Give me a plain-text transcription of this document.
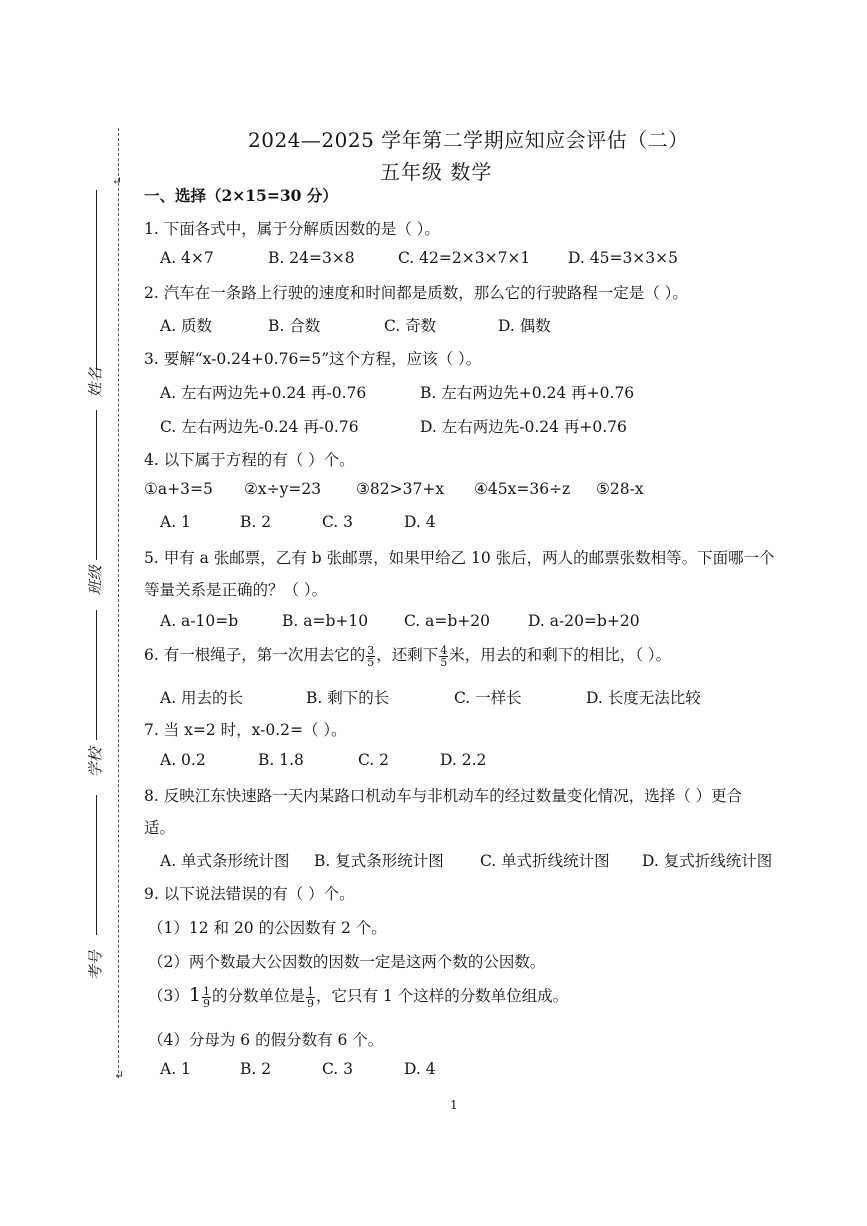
↵
↵
姓名
班级
学校
考号
2024—2025 学年第二学期应知应会评估（二）
五年级 数学
一、选择（2×15=30 分）
1. 下面各式中，属于分解质因数的是（ ）。
A. 4×7	B. 24=3×8	C. 42=2×3×7×1 D. 45=3×3×5
2. 汽车在一条路上行驶的速度和时间都是质数，那么它的行驶路程一定是（ ）。
A. 质数	B. 合数	C. 奇数	D. 偶数
3. 要解“x-0.24+0.76=5”这个方程，应该（ ）。
A. 左右两边先+0.24 再-0.76	B. 左右两边先+0.24 再+0.76
C. 左右两边先-0.24 再-0.76	D. 左右两边先-0.24 再+0.76
4. 以下属于方程的有（ ）个。
①a+3=5 ②x÷y=23 ③82>37+x ④45x=36÷z ⑤28-x
A. 1	B. 2	C. 3	D. 4
5. 甲有 a 张邮票，乙有 b 张邮票，如果甲给乙 10 张后，两人的邮票张数相等。下面哪一个
等量关系是正确的？（ ）。
A. a-10=b	B. a=b+10 C. a=b+20 D. a-20=b+20
6. 有一根绳子，第一次用去它的 $\frac{3}{5}$ ，还剩下 $\frac{4}{5}$ 米，用去的和剩下的相比，（ ）。
A. 用去的长	B. 剩下的长	C. 一样长	D. 长度无法比较
7. 当 x=2 时，x-0.2=（ ）。
A. 0.2	B. 1.8	C. 2	D. 2.2
8. 反映江东快速路一天内某路口机动车与非机动车的经过数量变化情况，选择（ ）更合
适。
A. 单式条形统计图 B. 复式条形统计图 C. 单式折线统计图 D. 复式折线统计图
9. 以下说法错误的有（ ）个。
（1）12 和 20 的公因数有 2 个。
（2）两个数最大公因数的因数一定是这两个数的公因数。
$(3)1 \frac{1}{9}$ 的分数单位是 $\frac{1}{9}$ ，它只有 1 个这样的分数单位组成。
（4）分母为 6 的假分数有 6 个。
A. 1	B. 2	C. 3	D. 4
1
